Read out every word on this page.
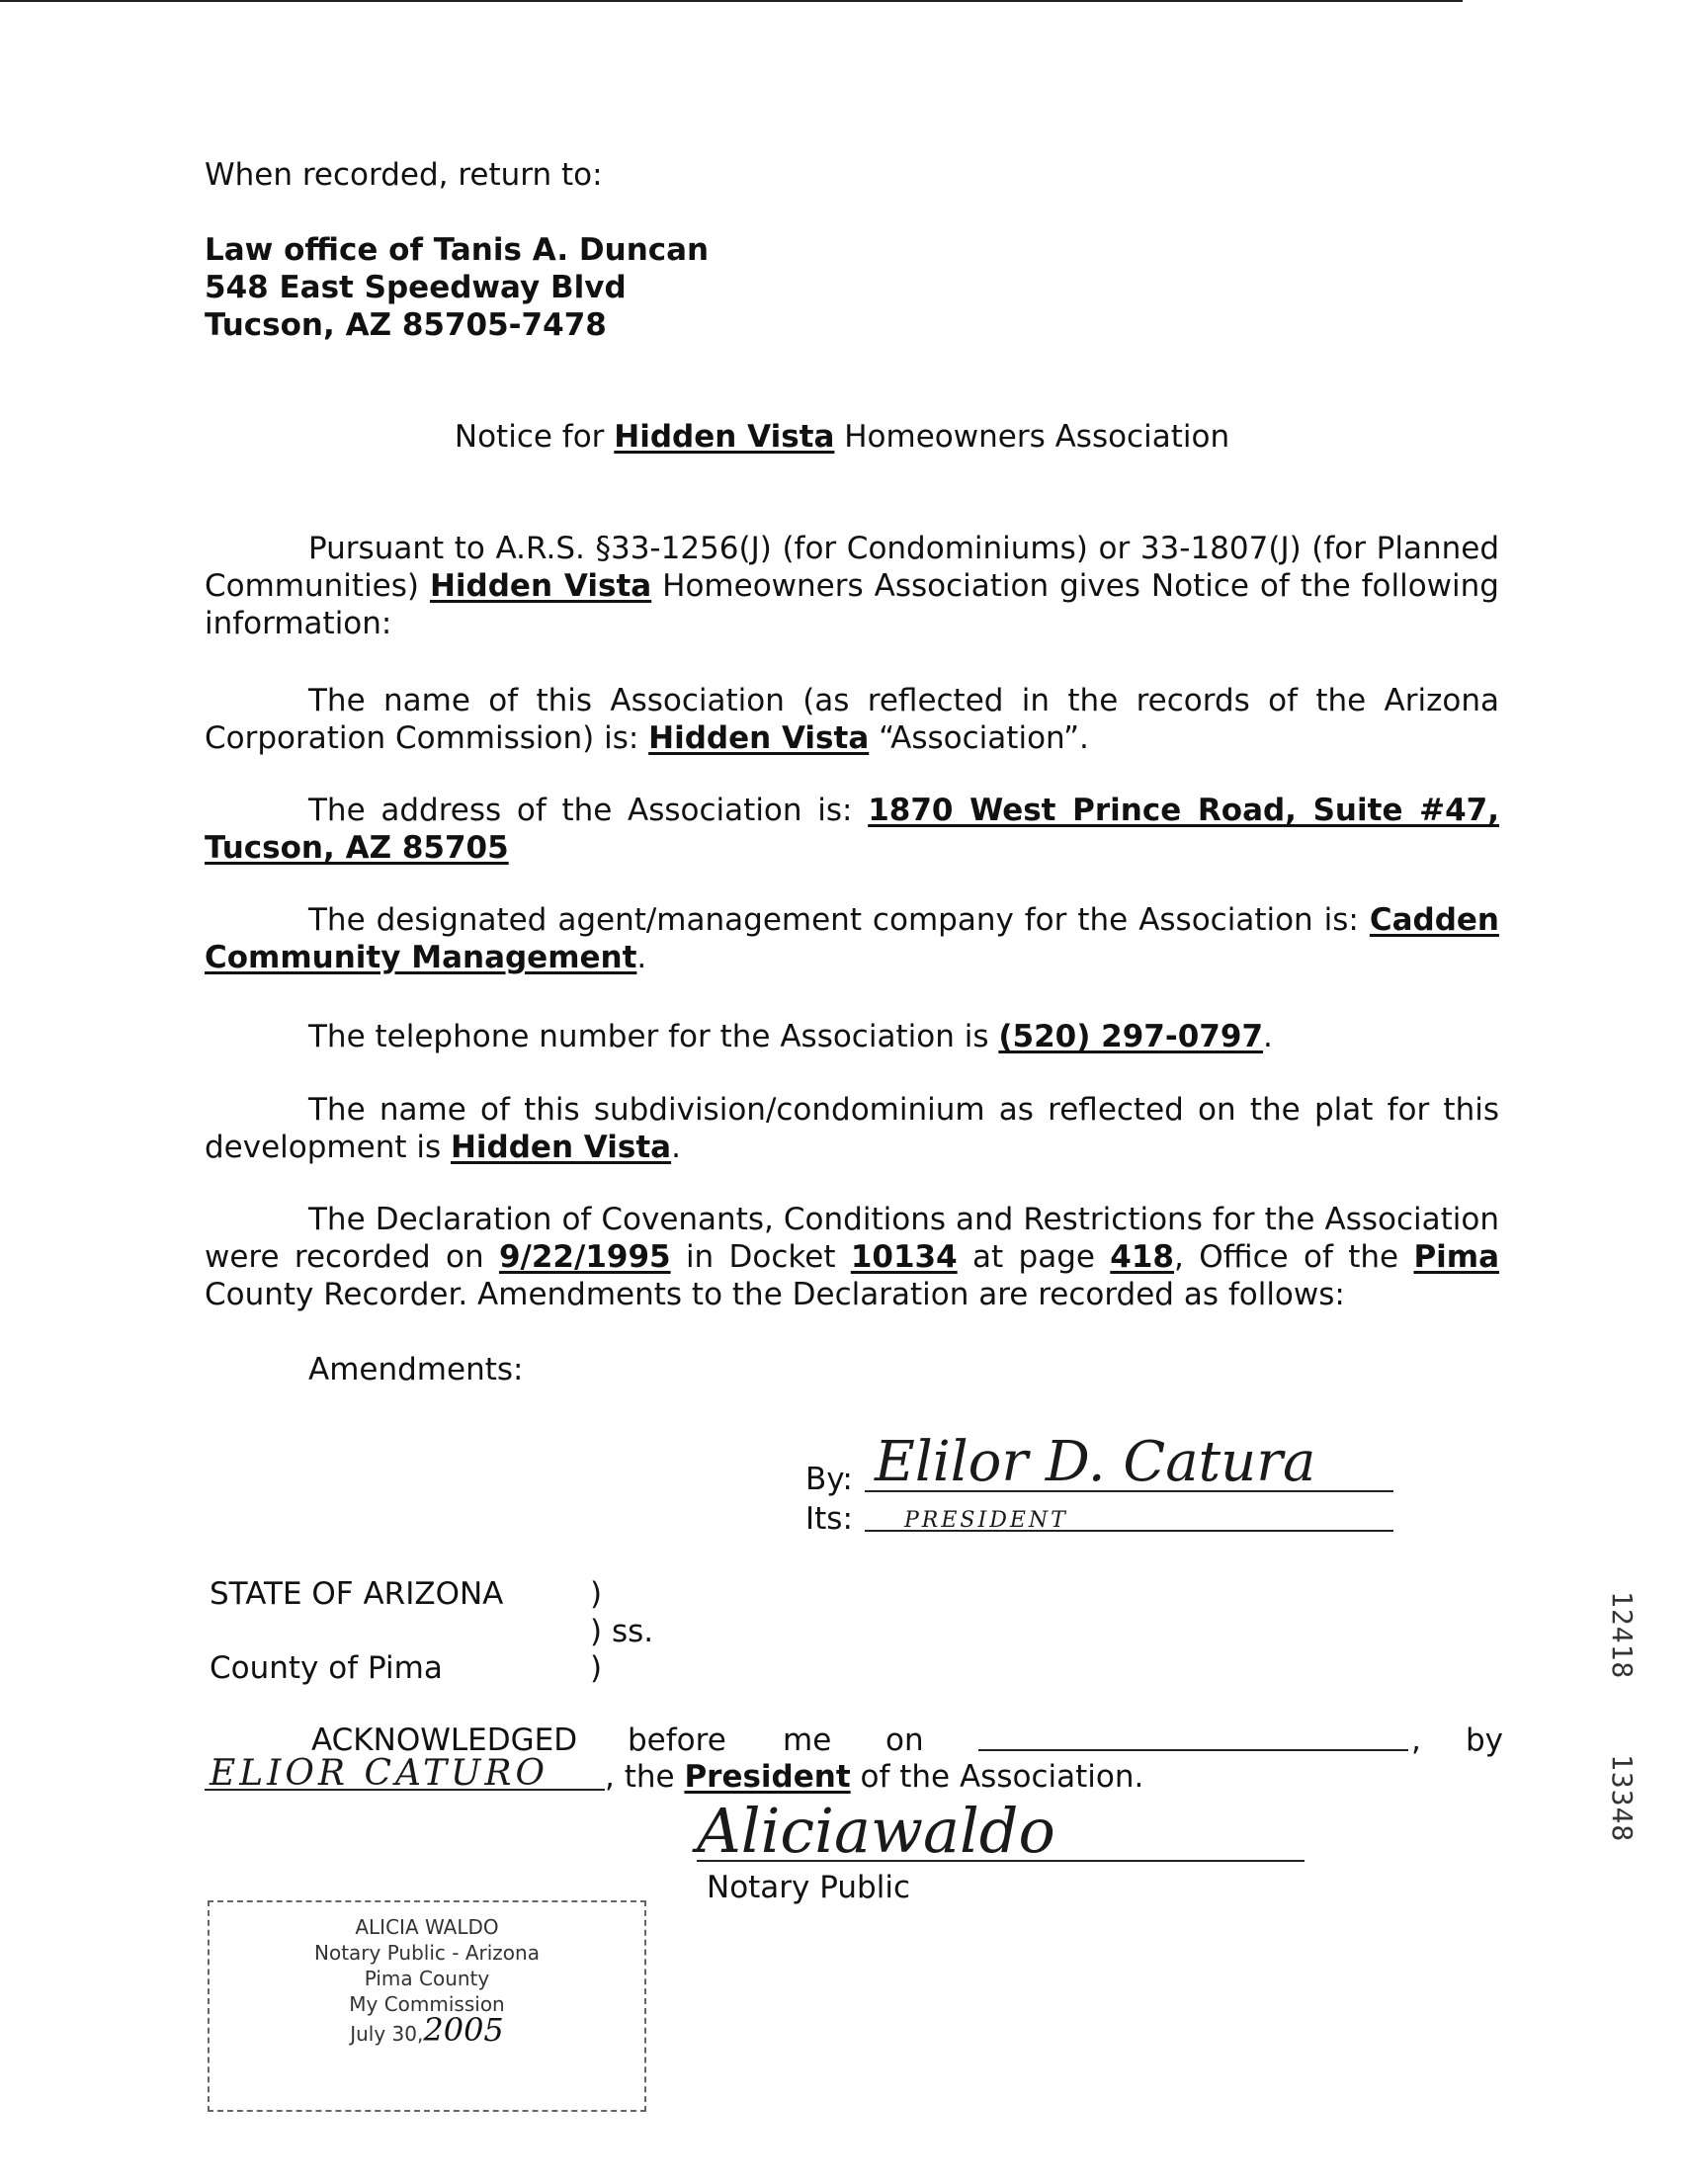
When recorded, return to:
Law office of Tanis A. Duncan
548 East Speedway Blvd
Tucson, AZ 85705-7478
Notice for Hidden Vista Homeowners Association
Pursuant to A.R.S. §33-1256(J) (for Condominiums) or 33-1807(J) (for Planned Communities) Hidden Vista Homeowners Association gives Notice of the following information:
The name of this Association (as reflected in the records of the Arizona Corporation Commission) is: Hidden Vista “Association”.
The address of the Association is: 1870 West Prince Road, Suite #47, Tucson, AZ 85705
The designated agent/management company for the Association is: Cadden Community Management.
The telephone number for the Association is (520) 297-0797.
The name of this subdivision/condominium as reflected on the plat for this development is Hidden Vista.
The Declaration of Covenants, Conditions and Restrictions for the Association were recorded on 9/22/1995 in Docket 10134 at page 418, Office of the Pima County Recorder. Amendments to the Declaration are recorded as follows:
Amendments:
By: Elilor D. Catura
Its: PRESIDENT
STATE OF ARIZONA	)
) ss.
County of Pima	)
ACKNOWLEDGED before me on	, by
ELIOR CATURO , the President of the Association.
Aliciawaldo
Notary Public
ALICIA WALDO
Notary Public - Arizona
Pima County
My Commission
July 30,2005
12418
13348
